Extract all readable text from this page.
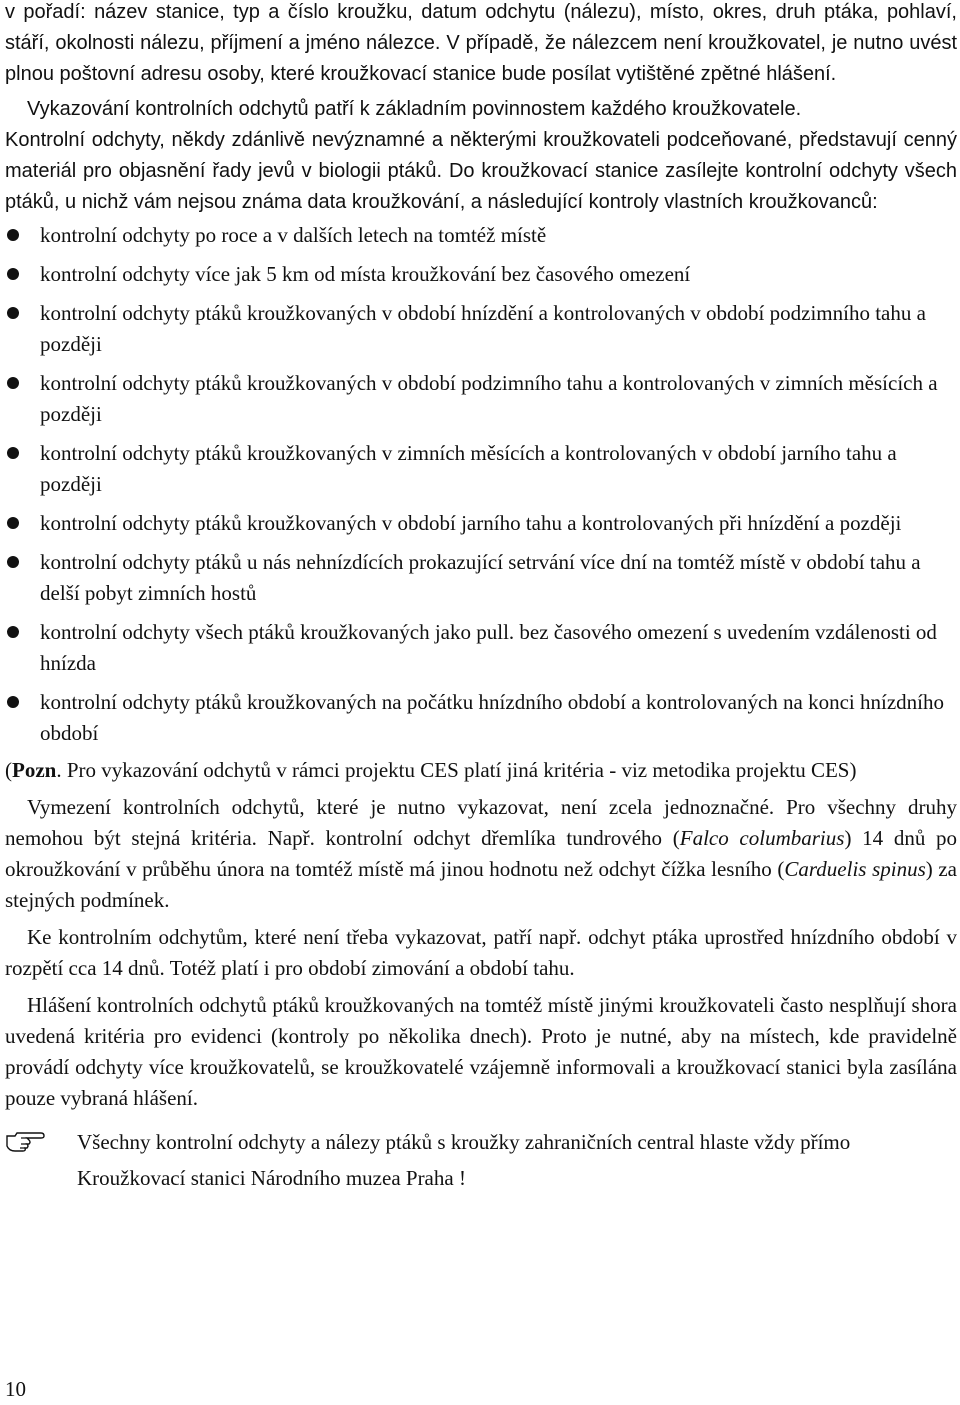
v pořadí: název stanice, typ a číslo kroužku, datum odchytu (nálezu), místo, okres, druh ptáka, pohlaví, stáří, okolnosti nálezu, příjmení a jméno nálezce. V případě, že nálezcem není kroužkovatel, je nutno uvést plnou poštovní adresu osoby, které kroužkovací stanice bude posílat vytištěné zpětné hlášení.

Vykazování kontrolních odchytů patří k základním povinnostem každého kroužkovatele.

Kontrolní odchyty, někdy zdánlivě nevýznamné a některými kroužkovateli podceňované, představují cenný materiál pro objasnění řady jevů v biologii ptáků. Do kroužkovací stanice zasílejte kontrolní odchyty všech ptáků, u nichž vám nejsou známa data kroužkování, a následující kontroly vlastních kroužkovanců:

kontrolní odchyty po roce a v dalších letech na tomtéž místě
kontrolní odchyty více jak 5 km od místa kroužkování bez časového omezení
kontrolní odchyty ptáků kroužkovaných v období hnízdění a kontrolovaných v období podzimního tahu a později
kontrolní odchyty ptáků kroužkovaných v období podzimního tahu a kontrolovaných v zimních měsících a později
kontrolní odchyty ptáků kroužkovaných v zimních měsících a kontrolovaných v období jarního tahu a později
kontrolní odchyty ptáků kroužkovaných v období jarního tahu a kontrolovaných při hnízdění a později
kontrolní odchyty ptáků u nás nehnízdících prokazující setrvání více dní na tomtéž místě v období tahu a delší pobyt zimních hostů
kontrolní odchyty všech ptáků kroužkovaných jako pull. bez časového omezení s uvedením vzdálenosti od hnízda
kontrolní odchyty ptáků kroužkovaných na počátku hnízdního období a kontrolovaných na konci hnízdního období

(Pozn. Pro vykazování odchytů v rámci projektu CES platí jiná kritéria - viz metodika projektu CES)

Vymezení kontrolních odchytů, které je nutno vykazovat, není zcela jednoznačné. Pro všechny druhy nemohou být stejná kritéria. Např. kontrolní odchyt dřemlíka tundrového (Falco columbarius) 14 dnů po okroužkování v průběhu února na tomtéž místě má jinou hodnotu než odchyt čížka lesního (Carduelis spinus) za stejných podmínek.

Ke kontrolním odchytům, které není třeba vykazovat, patří např. odchyt ptáka uprostřed hnízdního období v rozpětí cca 14 dnů. Totéž platí i pro období zimování a období tahu.

Hlášení kontrolních odchytů ptáků kroužkovaných na tomtéž místě jinými kroužkovateli často nesplňují shora uvedená kritéria pro evidenci (kontroly po několika dnech). Proto je nutné, aby na místech, kde pravidelně provádí odchyty více kroužkovatelů, se kroužkovatelé vzájemně informovali a kroužkovací stanici byla zasílána pouze vybraná hlášení.

Všechny kontrolní odchyty a nálezy ptáků s kroužky zahraničních central hlaste vždy přímo Kroužkovací stanici Národního muzea Praha !
10
